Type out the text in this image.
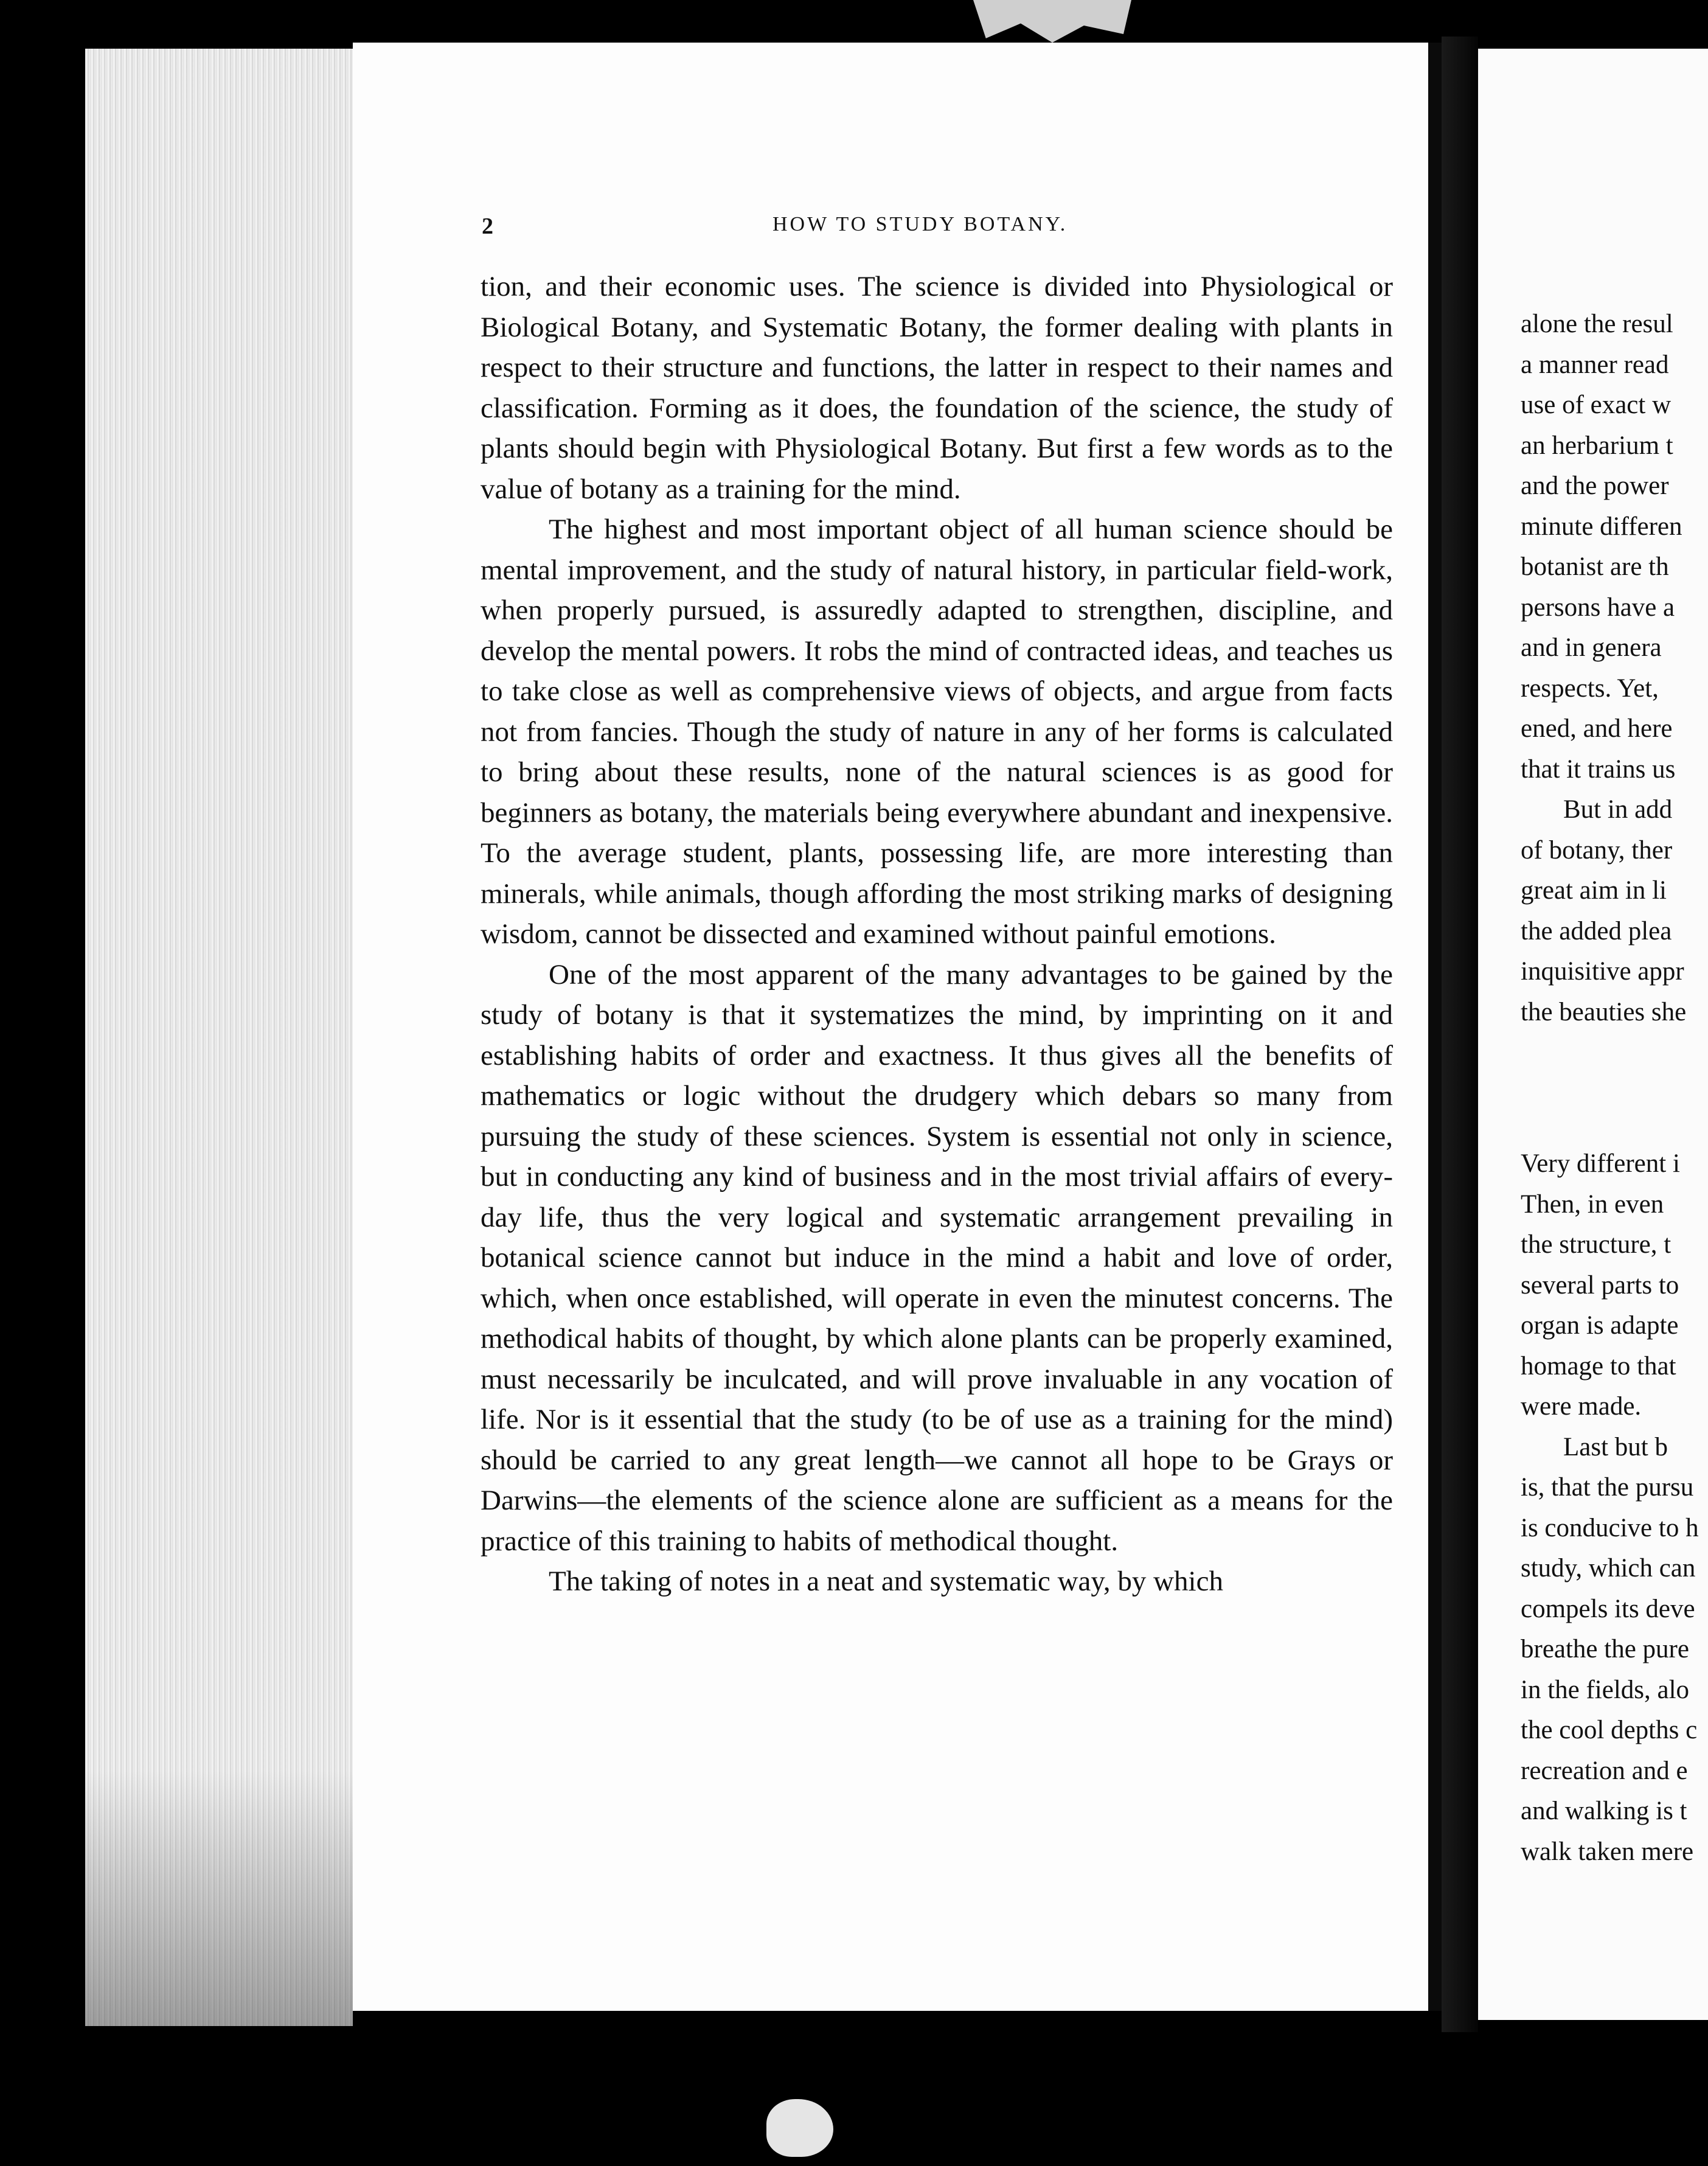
alone the resul
a manner read
use of exact w
an herbarium t
and the power
minute differen
botanist are th
persons have a
and in genera
respects. Yet,
ened, and here
that it trains us
But in add
of botany, ther
great aim in li
the added plea
inquisitive appr
the beauties she
Very different i
Then, in even
the structure, t
several parts to
organ is adapte
homage to that
were made.
Last but b
is, that the pursu
is conducive to h
study, which can
compels its deve
breathe the pure
in the fields, alo
the cool depths c
recreation and e
and walking is t
walk taken mere
2	HOW TO STUDY BOTANY.

tion, and their economic uses. The science is divided into Physiological or Biological Botany, and Systematic Botany, the former dealing with plants in respect to their structure and functions, the latter in respect to their names and classification. Forming as it does, the foundation of the science, the study of plants should begin with Physiological Botany. But first a few words as to the value of botany as a training for the mind.

The highest and most important object of all human science should be mental improvement, and the study of natural history, in particular field-work, when properly pursued, is assuredly adapted to strengthen, discipline, and develop the mental powers. It robs the mind of contracted ideas, and teaches us to take close as well as comprehensive views of objects, and argue from facts not from fancies. Though the study of nature in any of her forms is calculated to bring about these results, none of the natural sciences is as good for beginners as botany, the materials being everywhere abundant and inexpensive. To the average student, plants, possessing life, are more interesting than minerals, while animals, though affording the most striking marks of designing wisdom, cannot be dissected and examined without painful emotions.

One of the most apparent of the many advantages to be gained by the study of botany is that it systematizes the mind, by imprinting on it and establishing habits of order and exactness. It thus gives all the benefits of mathematics or logic without the drudgery which debars so many from pursuing the study of these sciences. System is essential not only in science, but in conducting any kind of business and in the most trivial affairs of every-day life, thus the very logical and systematic arrangement prevailing in botanical science cannot but induce in the mind a habit and love of order, which, when once established, will operate in even the minutest concerns. The methodical habits of thought, by which alone plants can be properly examined, must necessarily be inculcated, and will prove invaluable in any vocation of life. Nor is it essential that the study (to be of use as a training for the mind) should be carried to any great length—we cannot all hope to be Grays or Darwins—the elements of the science alone are sufficient as a means for the practice of this training to habits of methodical thought.

The taking of notes in a neat and systematic way, by which
